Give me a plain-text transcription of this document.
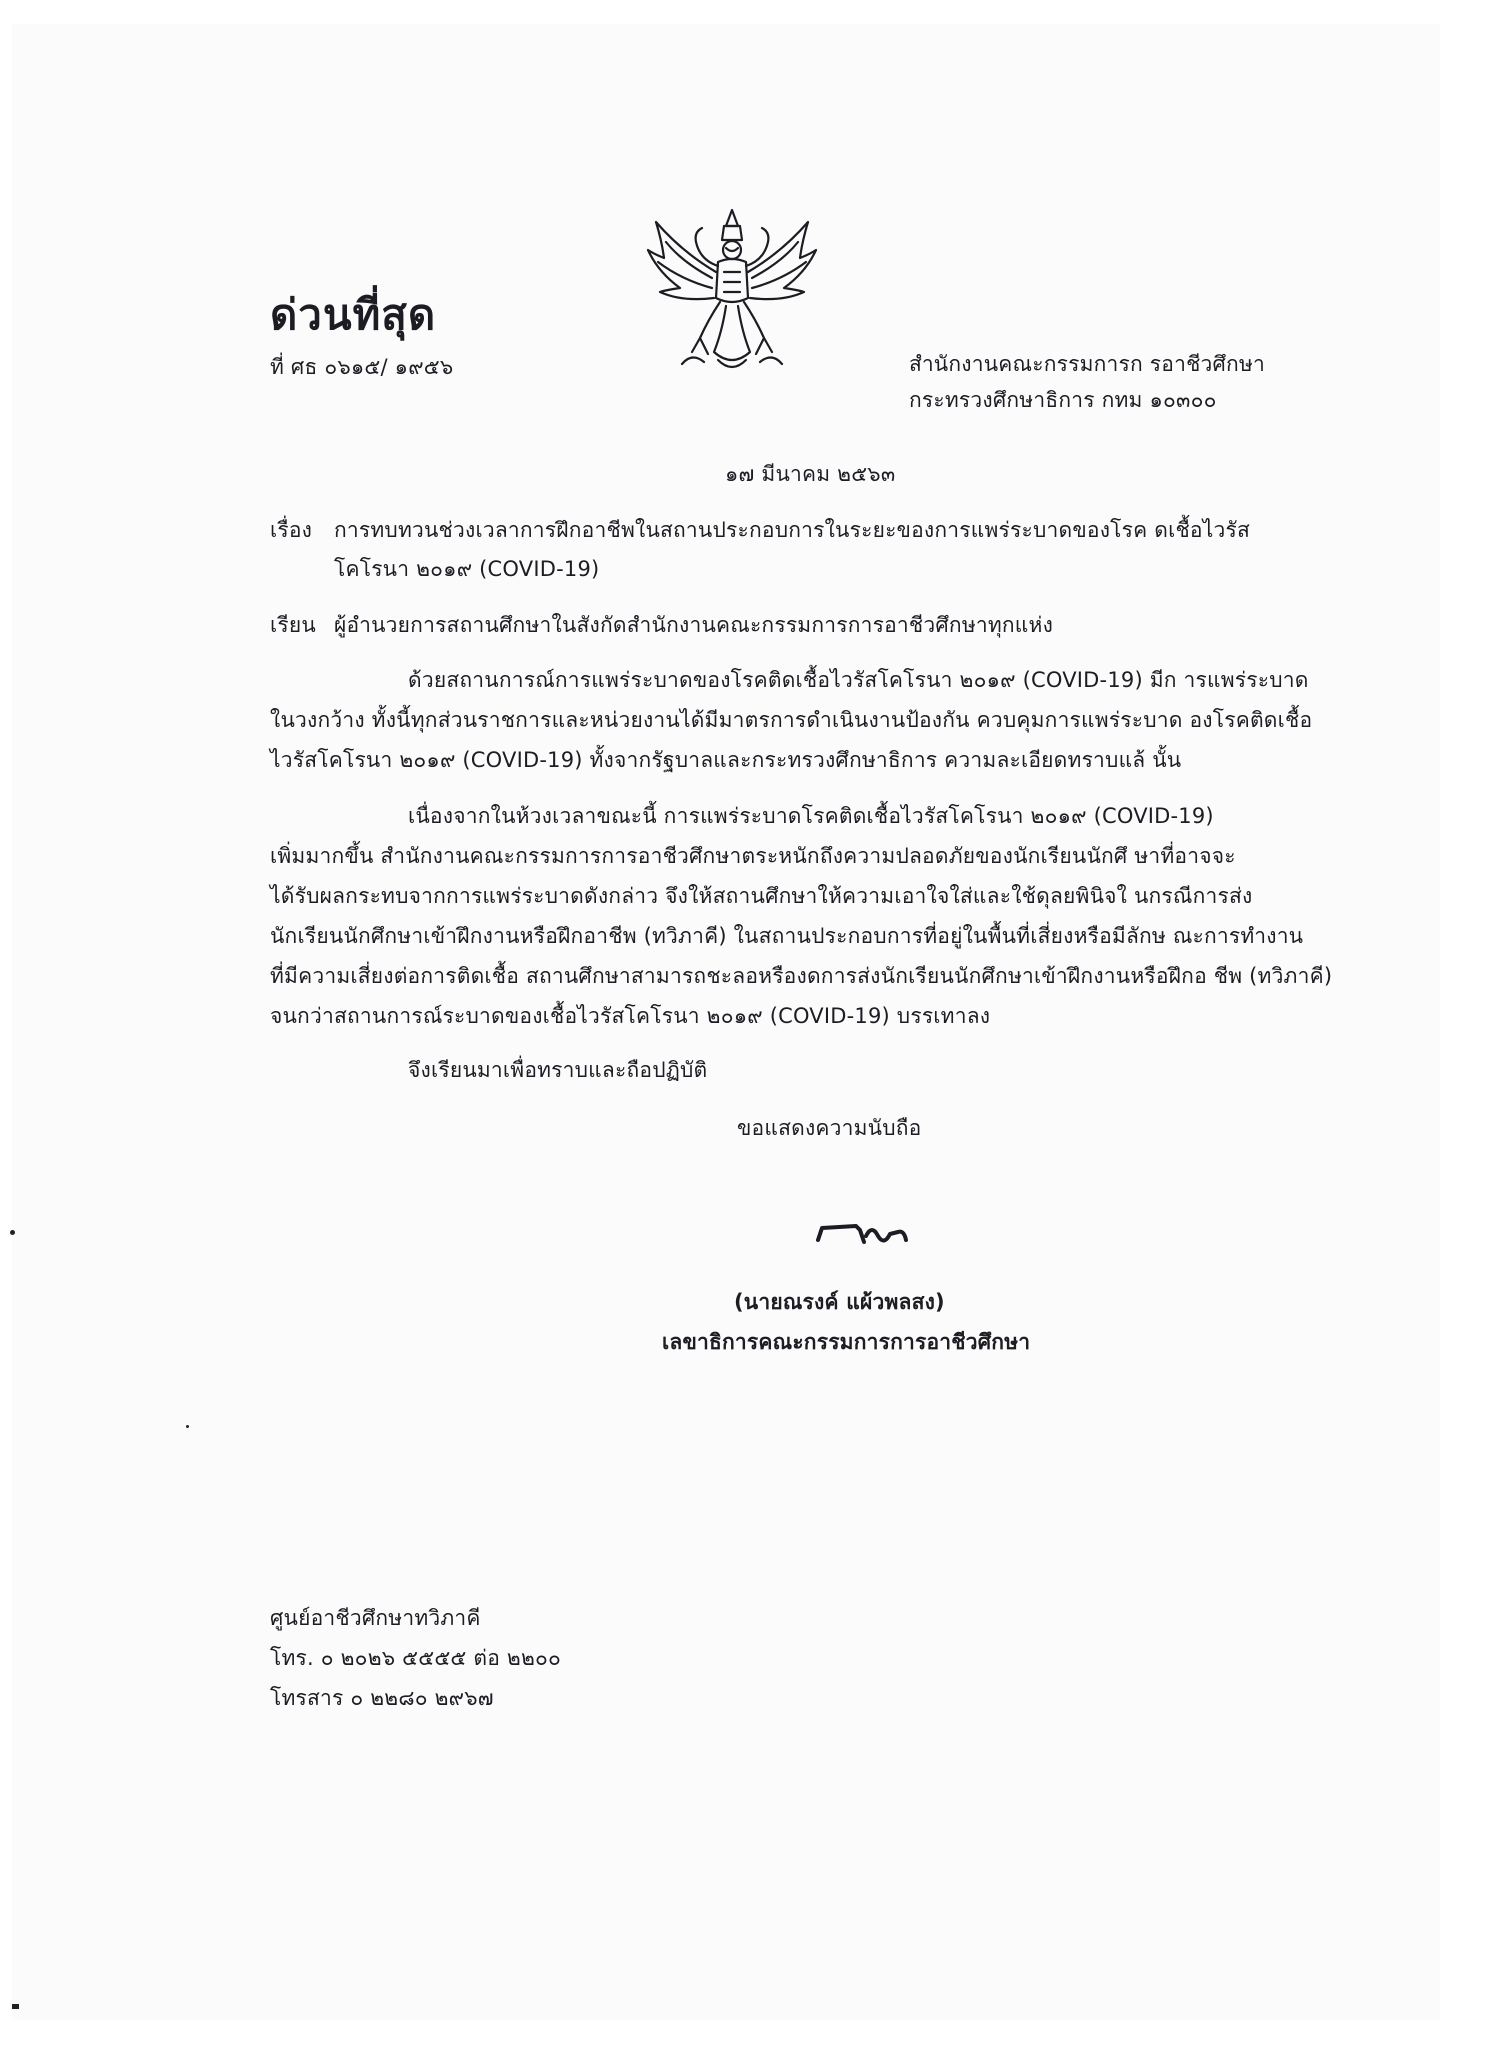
ด่วนที่สุด
ที่ ศธ ๐๖๑๕/ ๑๙๕๖	สำนักงานคณะกรรมการก รอาชีวศึกษา
กระทรวงศึกษาธิการ กทม ๑๐๓๐๐
๑๗ มีนาคม ๒๕๖๓
เรื่อง การทบทวนช่วงเวลาการฝึกอาชีพในสถานประกอบการในระยะของการแพร่ระบาดของโรค ดเชื้อไวรัส
โคโรนา ๒๐๑๙ (COVID-19)
เรียน ผู้อำนวยการสถานศึกษาในสังกัดสำนักงานคณะกรรมการการอาชีวศึกษาทุกแห่ง
ด้วยสถานการณ์การแพร่ระบาดของโรคติดเชื้อไวรัสโคโรนา ๒๐๑๙ (COVID-19) มีก ารแพร่ระบาด
ในวงกว้าง ทั้งนี้ทุกส่วนราชการและหน่วยงานได้มีมาตรการดำเนินงานป้องกัน ควบคุมการแพร่ระบาด องโรคติดเชื้อ
ไวรัสโคโรนา ๒๐๑๙ (COVID-19) ทั้งจากรัฐบาลและกระทรวงศึกษาธิการ ความละเอียดทราบแล้ นั้น
เนื่องจากในห้วงเวลาขณะนี้ การแพร่ระบาดโรคติดเชื้อไวรัสโคโรนา ๒๐๑๙ (COVID-19)
เพิ่มมากขึ้น สำนักงานคณะกรรมการการอาชีวศึกษาตระหนักถึงความปลอดภัยของนักเรียนนักศึ ษาที่อาจจะ
ได้รับผลกระทบจากการแพร่ระบาดดังกล่าว จึงให้สถานศึกษาให้ความเอาใจใส่และใช้ดุลยพินิจใ นกรณีการส่ง
นักเรียนนักศึกษาเข้าฝึกงานหรือฝึกอาชีพ (ทวิภาคี) ในสถานประกอบการที่อยู่ในพื้นที่เสี่ยงหรือมีลักษ ณะการทำงาน
ที่มีความเสี่ยงต่อการติดเชื้อ สถานศึกษาสามารถชะลอหรืองดการส่งนักเรียนนักศึกษาเข้าฝึกงานหรือฝึกอ ชีพ (ทวิภาคี)
จนกว่าสถานการณ์ระบาดของเชื้อไวรัสโคโรนา ๒๐๑๙ (COVID-19) บรรเทาลง
จึงเรียนมาเพื่อทราบและถือปฏิบัติ
ขอแสดงความนับถือ
(นายณรงค์ แผ้วพลสง)
เลขาธิการคณะกรรมการการอาชีวศึกษา
ศูนย์อาชีวศึกษาทวิภาคี
โทร. ๐ ๒๐๒๖ ๕๕๕๕ ต่อ ๒๒๐๐
โทรสาร ๐ ๒๒๘๐ ๒๙๖๗
